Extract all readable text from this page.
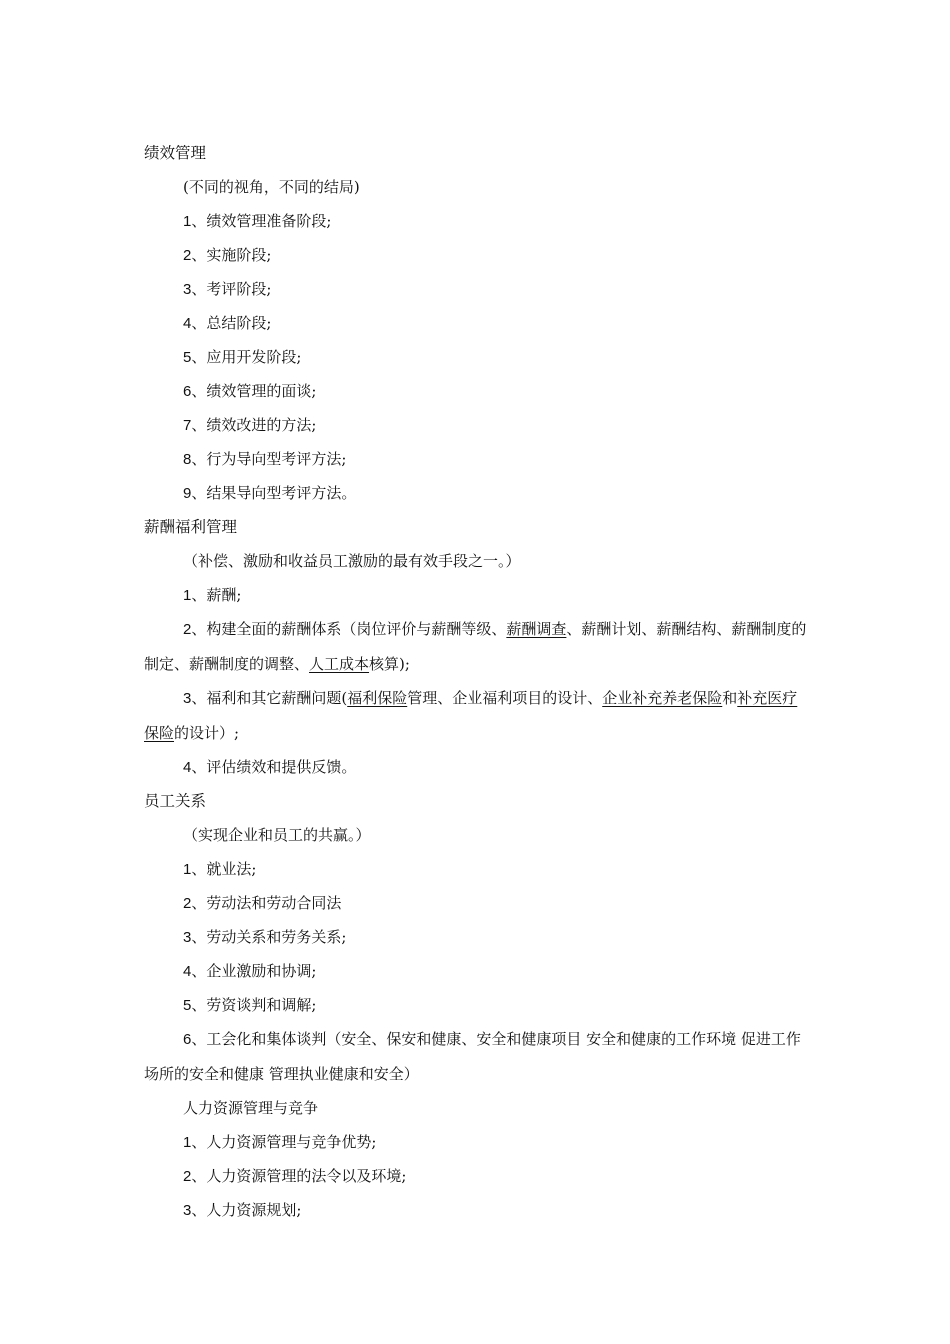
绩效管理
(不同的视角，不同的结局)
1、绩效管理准备阶段;
2、实施阶段;
3、考评阶段;
4、总结阶段;
5、应用开发阶段;
6、绩效管理的面谈;
7、绩效改进的方法;
8、行为导向型考评方法;
9、结果导向型考评方法。
薪酬福利管理
（补偿、激励和收益员工激励的最有效手段之一。）
1、薪酬;
2、构建全面的薪酬体系（岗位评价与薪酬等级、薪酬调查、薪酬计划、薪酬结构、薪酬制度的制定、薪酬制度的调整、人工成本核算);
3、福利和其它薪酬问题(福利保险管理、企业福利项目的设计、企业补充养老保险和补充医疗保险的设计）;
4、评估绩效和提供反馈。
员工关系
（实现企业和员工的共赢。）
1、就业法;
2、劳动法和劳动合同法
3、劳动关系和劳务关系;
4、企业激励和协调;
5、劳资谈判和调解;
6、工会化和集体谈判（安全、保安和健康、安全和健康项目 安全和健康的工作环境 促进工作场所的安全和健康 管理执业健康和安全）
人力资源管理与竞争
1、人力资源管理与竞争优势;
2、人力资源管理的法令以及环境;
3、人力资源规划;
